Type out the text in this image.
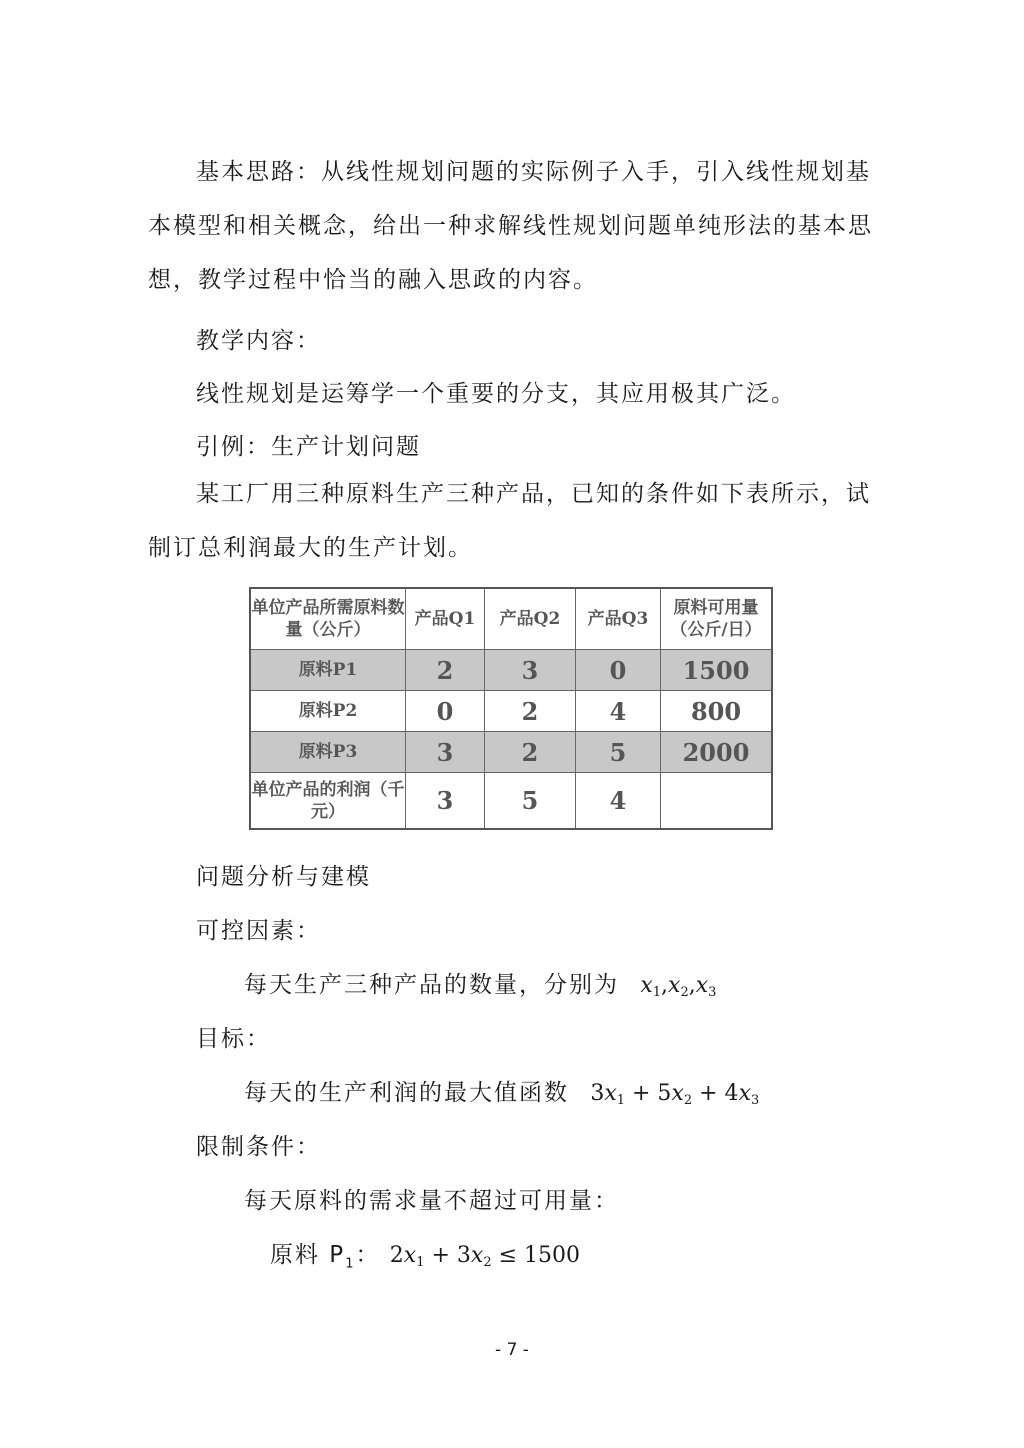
基本思路：从线性规划问题的实际例子入手，引入线性规划基本模型和相关概念，给出一种求解线性规划问题单纯形法的基本思想，教学过程中恰当的融入思政的内容。

教学内容：

线性规划是运筹学一个重要的分支，其应用极其广泛。

引例：生产计划问题

某工厂用三种原料生产三种产品，已知的条件如下表所示，试制订总利润最大的生产计划。

单位产品所需原料数量（公斤）	产品Q1	产品Q2	产品Q3	原料可用量（公斤/日）
原料P1	2	3	0	1500
原料P2	0	2	4	800
原料P3	3	2	5	2000
单位产品的利润（千元）	3	5	4	

问题分析与建模

可控因素：

每天生产三种产品的数量，分别为 $x_1,x_2,x_3$

目标：

每天的生产利润的最大值函数 $3x_1 + 5x_2 + 4x_3$

限制条件：

每天原料的需求量不超过可用量：

原料 $P_1$： $2x_1 + 3x_2 \le 1500$
- 7 -
